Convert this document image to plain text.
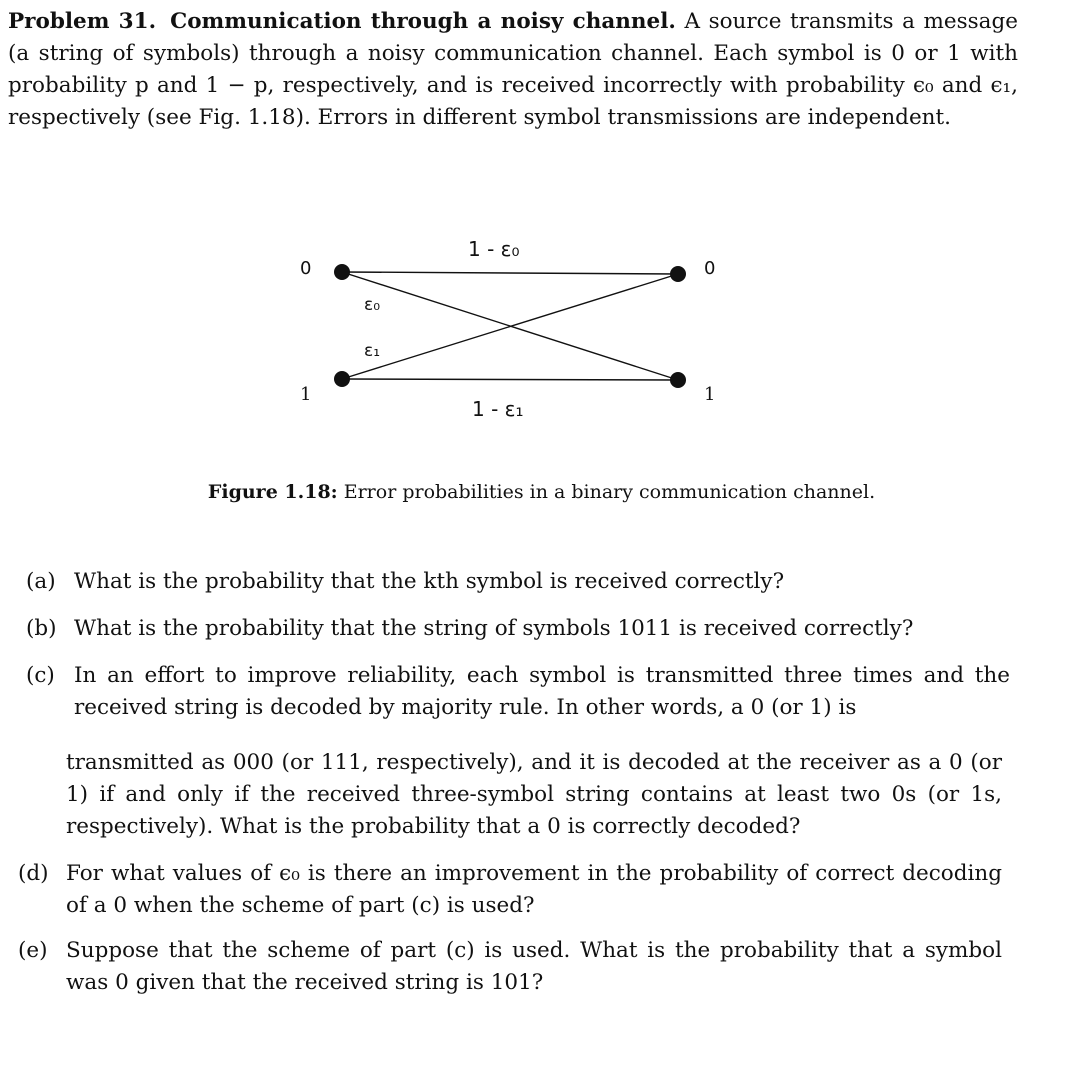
Problem 31. Communication through a noisy channel. A source transmits a message (a string of symbols) through a noisy communication channel. Each symbol is 0 or 1 with probability p and 1 − p, respectively, and is received incorrectly with probability ϵ₀ and ϵ₁, respectively (see Fig. 1.18). Errors in different symbol transmissions are independent.

0
1
0
1
1 - ε₀
1 - ε₁
ε₀
ε₁

Figure 1.18: Error probabilities in a binary communication channel.

(a) What is the probability that the kth symbol is received correctly?

(b) What is the probability that the string of symbols 1011 is received correctly?

(c) In an effort to improve reliability, each symbol is transmitted three times and the received string is decoded by majority rule. In other words, a 0 (or 1) is

transmitted as 000 (or 111, respectively), and it is decoded at the receiver as a 0 (or 1) if and only if the received three-symbol string contains at least two 0s (or 1s, respectively). What is the probability that a 0 is correctly decoded?

(d) For what values of ϵ₀ is there an improvement in the probability of correct decoding of a 0 when the scheme of part (c) is used?

(e) Suppose that the scheme of part (c) is used. What is the probability that a symbol was 0 given that the received string is 101?
